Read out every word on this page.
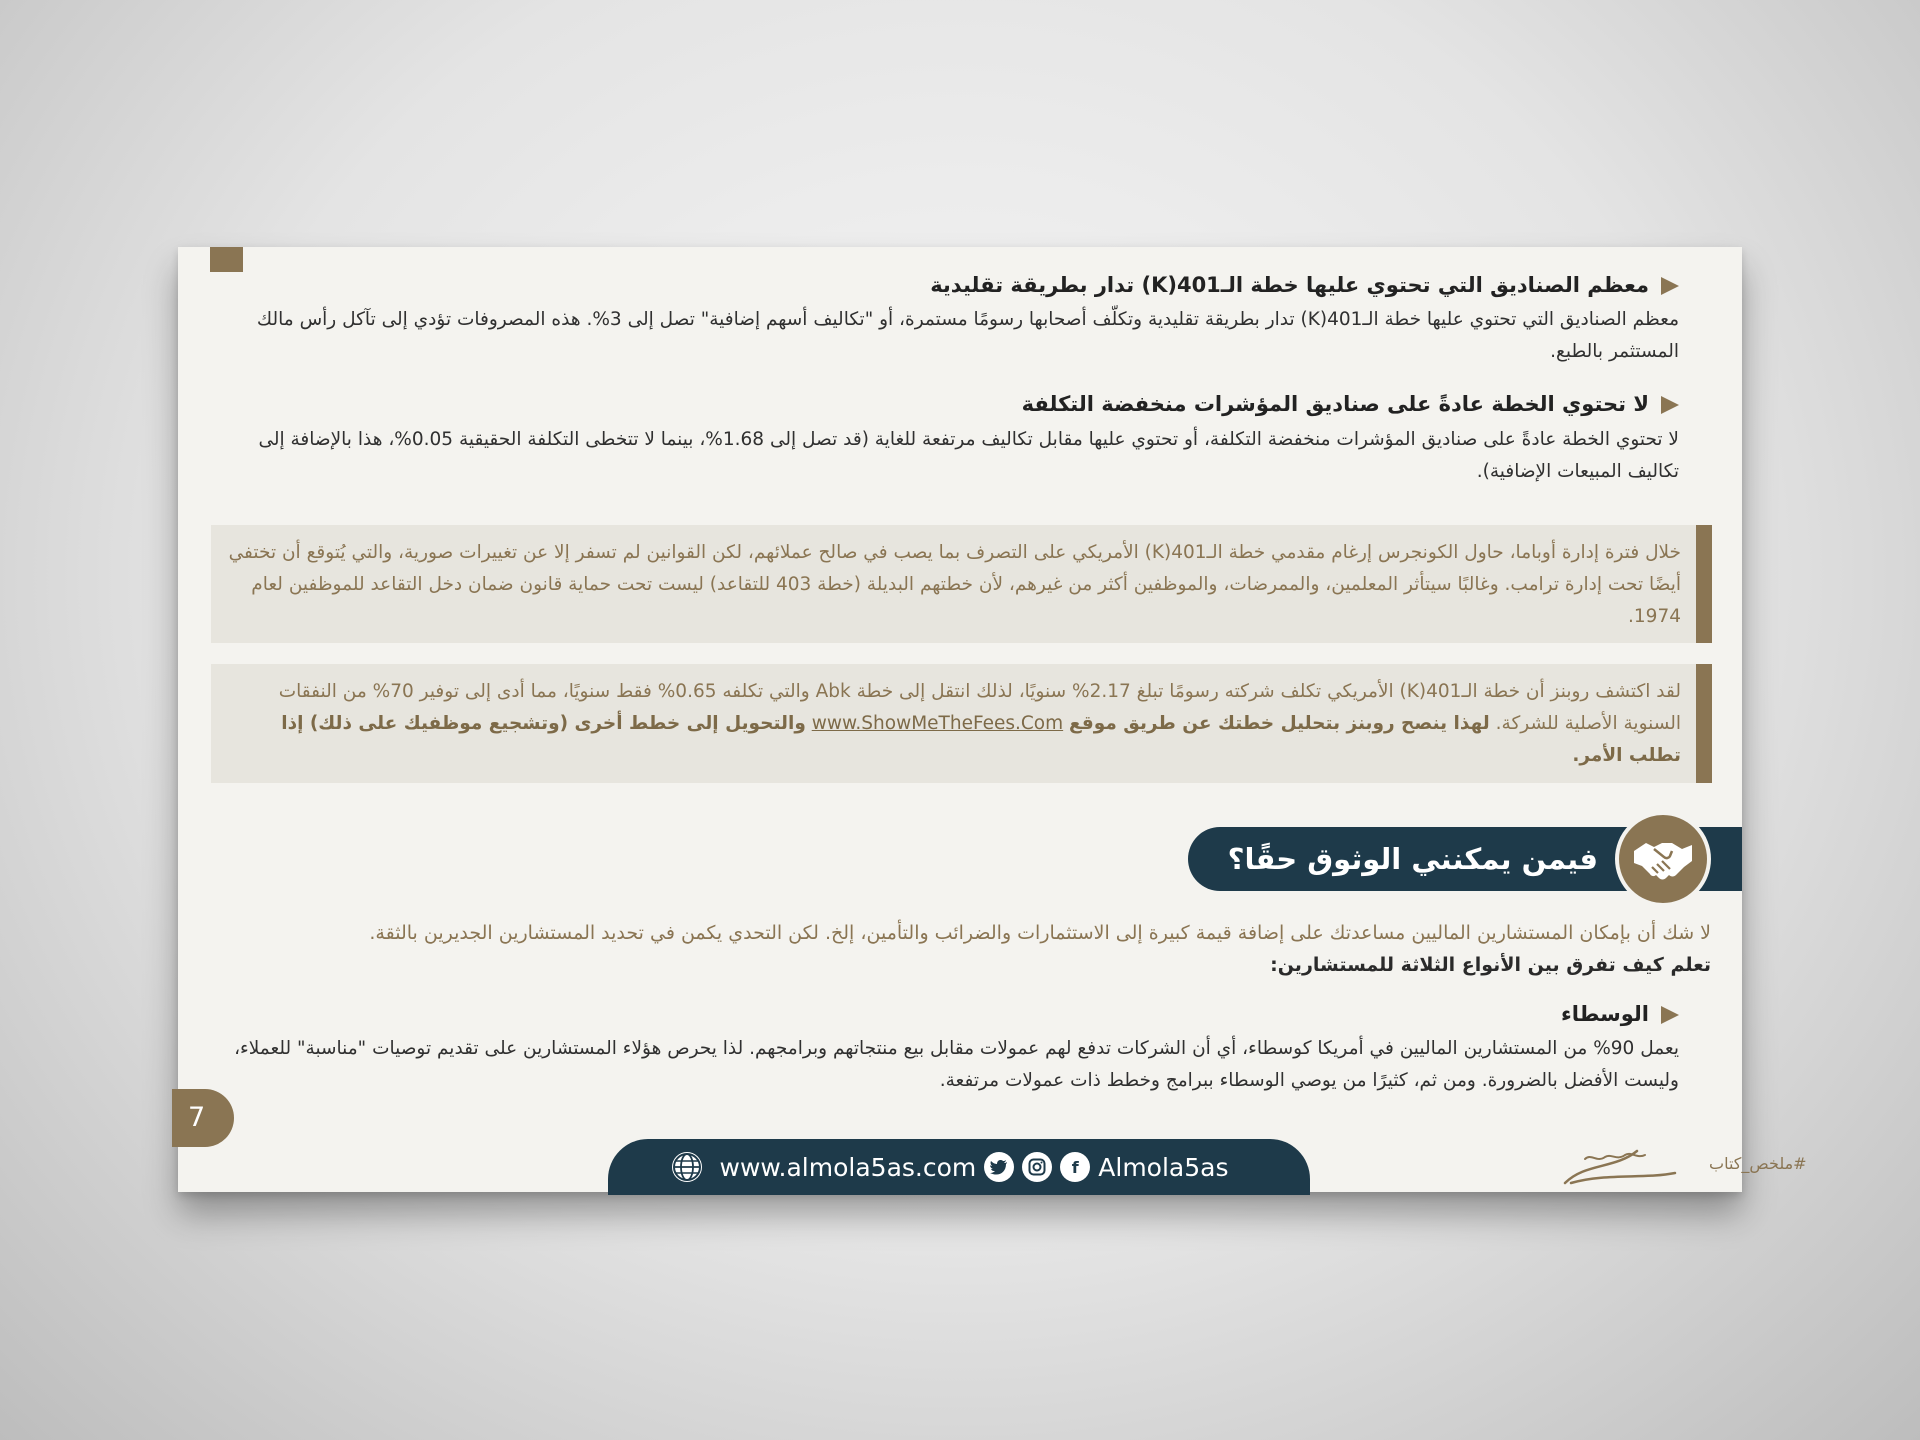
معظم الصناديق التي تحتوي عليها خطة الـ401(K) تدار بطريقة تقليدية

معظم الصناديق التي تحتوي عليها خطة الـ401(K) تدار بطريقة تقليدية وتكلّف أصحابها رسومًا مستمرة، أو "تكاليف أسهم إضافية" تصل إلى 3%. هذه المصروفات تؤدي إلى تآكل رأس مالك المستثمر بالطبع.

لا تحتوي الخطة عادةً على صناديق المؤشرات منخفضة التكلفة

لا تحتوي الخطة عادةً على صناديق المؤشرات منخفضة التكلفة، أو تحتوي عليها مقابل تكاليف مرتفعة للغاية (قد تصل إلى 1.68%، بينما لا تتخطى التكلفة الحقيقية 0.05%، هذا بالإضافة إلى تكاليف المبيعات الإضافية).

خلال فترة إدارة أوباما، حاول الكونجرس إرغام مقدمي خطة الـ401(K) الأمريكي على التصرف بما يصب في صالح عملائهم، لكن القوانين لم تسفر إلا عن تغييرات صورية، والتي يُتوقع أن تختفي أيضًا تحت إدارة ترامب. وغالبًا سيتأثر المعلمين، والممرضات، والموظفين أكثر من غيرهم، لأن خطتهم البديلة (خطة 403 للتقاعد) ليست تحت حماية قانون ضمان دخل التقاعد للموظفين لعام 1974.
لقد اكتشف روبنز أن خطة الـ401(K) الأمريكي تكلف شركته رسومًا تبلغ 2.17% سنويًا، لذلك انتقل إلى خطة Abk والتي تكلفه 0.65% فقط سنويًا، مما أدى إلى توفير 70% من النفقات السنوية الأصلية للشركة. لهذا ينصح روبنز بتحليل خطتك عن طريق موقع www.ShowMeTheFees.Com والتحويل إلى خطط أخرى (وتشجيع موظفيك على ذلك) إذا تطلب الأمر.
فيمن يمكنني الوثوق حقًا؟
لا شك أن بإمكان المستشارين الماليين مساعدتك على إضافة قيمة كبيرة إلى الاستثمارات والضرائب والتأمين، إلخ. لكن التحدي يكمن في تحديد المستشارين الجديرين بالثقة.
تعلم كيف تفرق بين الأنواع الثلاثة للمستشارين:
الوسطاء

يعمل 90% من المستشارين الماليين في أمريكا كوسطاء، أي أن الشركات تدفع لهم عمولات مقابل بيع منتجاتهم وبرامجهم. لذا يحرص هؤلاء المستشارين على تقديم توصيات "مناسبة" للعملاء، وليست الأفضل بالضرورة. ومن ثم، كثيرًا من يوصي الوسطاء ببرامج وخطط ذات عمولات مرتفعة.

7
www.almola5as.com	f Almola5as	#ملخص_كتاب
